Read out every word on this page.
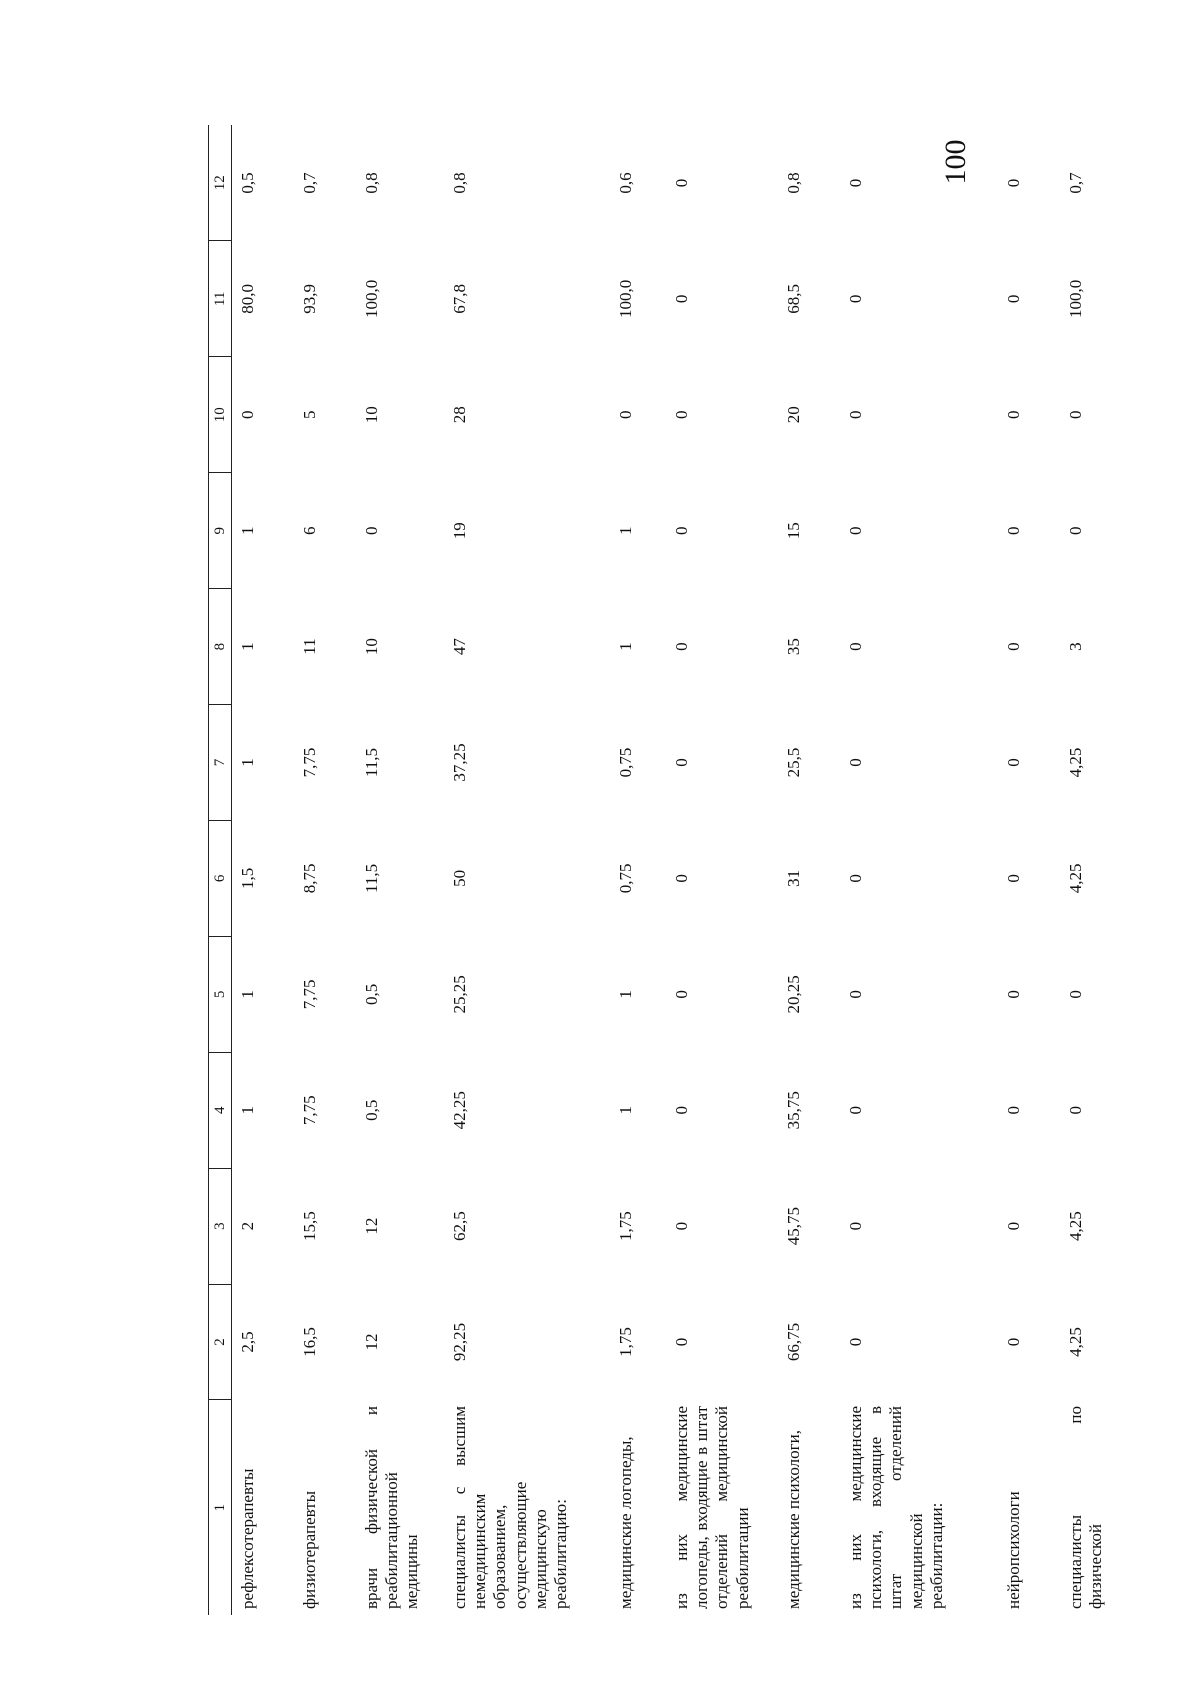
100
1	2	3	4	5	6	7	8	9	10	11	12
рефлексотерапевты	2,5	2	1	1	1,5	1	1	1	0	80,0	0,5
физиотерапевты	16,5	15,5	7,75	7,75	8,75	7,75	11	6	5	93,9	0,7
врачи физической и реабилитационной медицины	12	12	0,5	0,5	11,5	11,5	10	0	10	100,0	0,8
специалисты с высшим немедицинским образованием, осуществляющие медицинскую реабилитацию:	92,25	62,5	42,25	25,25	50	37,25	47	19	28	67,8	0,8
медицинские логопеды,	1,75	1,75	1	1	0,75	0,75	1	1	0	100,0	0,6
из них медицинские логопеды, входящие в штат отделений медицинской реабилитации	0	0	0	0	0	0	0	0	0	0	0
медицинские психологи,	66,75	45,75	35,75	20,25	31	25,5	35	15	20	68,5	0,8
из них медицинские психологи, входящие в штат отделений медицинской реабилитации:	0	0	0	0	0	0	0	0	0	0	0
нейропсихологи	0	0	0	0	0	0	0	0	0	0	0
специалисты по физической	4,25	4,25	0	0	4,25	4,25	3	0	0	100,0	0,7
